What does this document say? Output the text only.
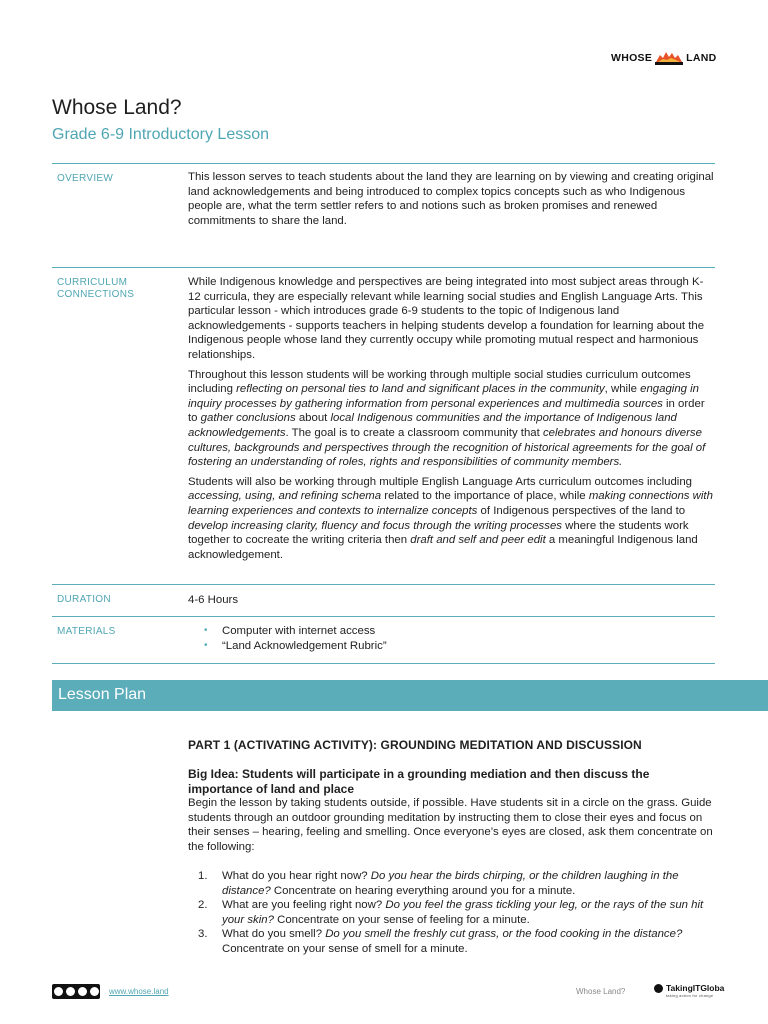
WHOSE	LAND
Whose Land?
Grade 6-9 Introductory Lesson
OVERVIEW	This lesson serves to teach students about the land they are learning on by viewing and creating original land acknowledgements and being introduced to complex topics concepts such as who Indigenous people are, what the term settler refers to and notions such as broken promises and renewed commitments to share the land.

CURRICULUM
CONNECTIONS

While Indigenous knowledge and perspectives are being integrated into most subject areas through K-12 curricula, they are especially relevant while learning social studies and English Language Arts. This particular lesson - which introduces grade 6-9 students to the topic of Indigenous land acknowledgements - supports teachers in helping students develop a foundation for learning about the Indigenous people whose land they currently occupy while promoting mutual respect and harmonious relationships.

Throughout this lesson students will be working through multiple social studies curriculum outcomes including reflecting on personal ties to land and significant places in the community, while engaging in inquiry processes by gathering information from personal experiences and multimedia sources in order to gather conclusions about local Indigenous communities and the importance of Indigenous land acknowledgements. The goal is to create a classroom community that celebrates and honours diverse cultures, backgrounds and perspectives through the recognition of historical agreements for the goal of fostering an understanding of roles, rights and responsibilities of community members.

Students will also be working through multiple English Language Arts curriculum outcomes including accessing, using, and refining schema related to the importance of place, while making connections with learning experiences and contexts to internalize concepts of Indigenous perspectives of the land to develop increasing clarity, fluency and focus through the writing processes where the students work together to cocreate the writing criteria then draft and self and peer edit a meaningful Indigenous land acknowledgement.

DURATION	4-6 Hours
MATERIALS
•	Computer with internet access
• “Land Acknowledgement Rubric”
Lesson Plan
PART 1 (ACTIVATING ACTIVITY): GROUNDING MEDITATION AND DISCUSSION
Big Idea: Students will participate in a grounding mediation and then discuss the importance of land and place

Begin the lesson by taking students outside, if possible. Have students sit in a circle on the grass. Guide students through an outdoor grounding meditation by instructing them to close their eyes and focus on their senses – hearing, feeling and smelling. Once everyone’s eyes are closed, ask them concentrate on the following:

1. What do you hear right now? Do you hear the birds chirping, or the children laughing in the distance? Concentrate on hearing everything around you for a minute.
2. What are you feeling right now? Do you feel the grass tickling your leg, or the rays of the sun hit your skin? Concentrate on your sense of feeling for a minute.
3. What do you smell? Do you smell the freshly cut grass, or the food cooking in the distance? Concentrate on your sense of smell for a minute.
www.whose.land	Whose Land?	TakingITGloba
taking action for change
